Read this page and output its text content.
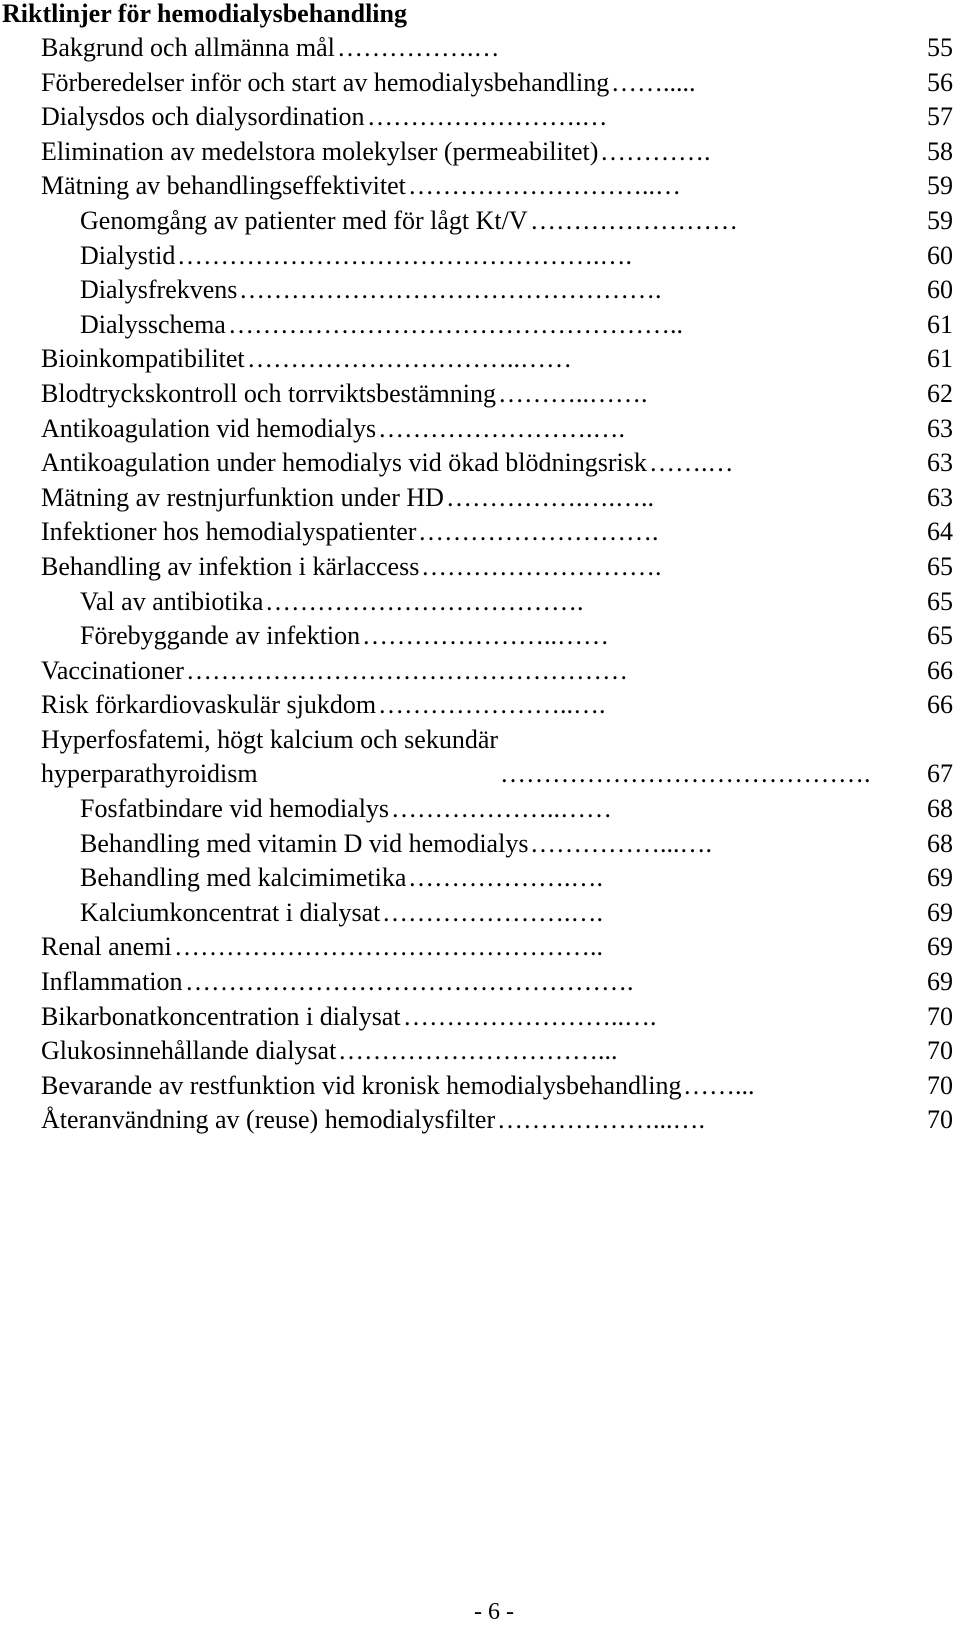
Riktlinjer för hemodialysbehandling
Bakgrund och allmänna mål …………….…	55
Förberedelser inför och start av hemodialysbehandling …….....	56
Dialysdos och dialysordination …………………….…	57
Elimination av medelstora molekylser (permeabilitet) ………….	58
Mätning av behandlingseffektivitet ………………………..…	59
Genomgång av patienter med för lågt Kt/V ……………………	59
Dialystid ………………………………………….….	60
Dialysfrekvens ………………………………………….	60
Dialysschema ……………………………………………..	61
Bioinkompatibilitet …………………………..……	61
Blodtryckskontroll och torrviktsbestämning ………..…….	62
Antikoagulation vid hemodialys …………………….….	63
Antikoagulation under hemodialys vid ökad blödningsrisk …….…	63
Mätning av restnjurfunktion under HD …………….….…..	63
Infektioner hos hemodialyspatienter ……………………….	64
Behandling av infektion i kärlaccess ……………………….	65
Val av antibiotika ……………………………….	65
Förebyggande av infektion …………………..……	65
Vaccinationer ……………………………………………	66
Risk förkardiovaskulär sjukdom …………………..….	66
Hyperfosfatemi, högt kalcium och sekundär
hyperparathyroidism	…………………………………….	67
Fosfatbindare vid hemodialys ………………..……	68
Behandling med vitamin D vid hemodialys ……………...….	68
Behandling med kalcimimetika ……………….….	69
Kalciumkoncentrat i dialysat ………………….….	69
Renal anemi …………………………………………..	69
Inflammation …………………………………………….	69
Bikarbonatkoncentration i dialysat ……………………..….	70
Glukosinnehållande dialysat …………………………...	70
Bevarande av restfunktion vid kronisk hemodialysbehandling ……...	70
Återanvändning av (reuse) hemodialysfilter ………………...….	70
- 6 -
